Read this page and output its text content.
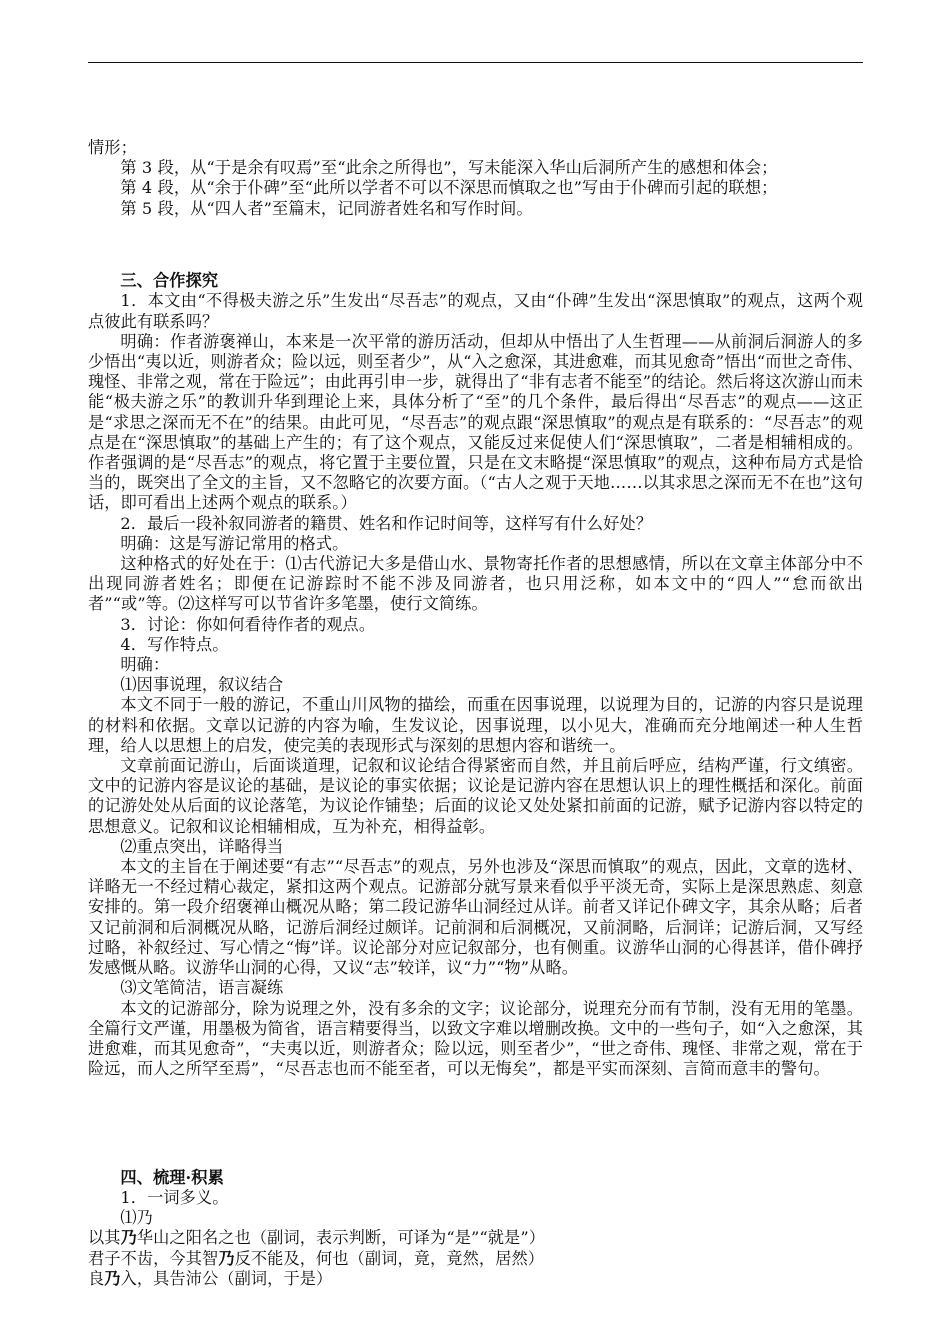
情形；

第 3 段，从“于是余有叹焉”至“此余之所得也”，写未能深入华山后洞所产生的感想和体会；

第 4 段，从“余于仆碑”至“此所以学者不可以不深思而慎取之也”写由于仆碑而引起的联想；

第 5 段，从“四人者”至篇末，记同游者姓名和写作时间。

三、合作探究

1．本文由“不得极夫游之乐”生发出“尽吾志”的观点，又由“仆碑”生发出“深思慎取”的观点，这两个观点彼此有联系吗？

明确：作者游褒禅山，本来是一次平常的游历活动，但却从中悟出了人生哲理——从前洞后洞游人的多少悟出“夷以近，则游者众；险以远，则至者少”，从“入之愈深，其进愈难，而其见愈奇”悟出“而世之奇伟、瑰怪、非常之观，常在于险远”；由此再引申一步，就得出了“非有志者不能至”的结论。然后将这次游山而未能“极夫游之乐”的教训升华到理论上来，具体分析了“至”的几个条件，最后得出“尽吾志”的观点——这正是“求思之深而无不在”的结果。由此可见，“尽吾志”的观点跟“深思慎取”的观点是有联系的：“尽吾志”的观点是在“深思慎取”的基础上产生的；有了这个观点，又能反过来促使人们“深思慎取”，二者是相辅相成的。作者强调的是“尽吾志”的观点，将它置于主要位置，只是在文末略提“深思慎取”的观点，这种布局方式是恰当的，既突出了全文的主旨，又不忽略它的次要方面。（“古人之观于天地……以其求思之深而无不在也”这句话，即可看出上述两个观点的联系。）

2．最后一段补叙同游者的籍贯、姓名和作记时间等，这样写有什么好处？

明确：这是写游记常用的格式。

这种格式的好处在于：⑴古代游记大多是借山水、景物寄托作者的思想感情，所以在文章主体部分中不出现同游者姓名；即便在记游踪时不能不涉及同游者，也只用泛称，如本文中的“四人”“怠而欲出者”“或”等。⑵这样写可以节省许多笔墨，使行文简练。

3．讨论：你如何看待作者的观点。

4．写作特点。

明确：

⑴因事说理，叙议结合

本文不同于一般的游记，不重山川风物的描绘，而重在因事说理，以说理为目的，记游的内容只是说理的材料和依据。文章以记游的内容为喻，生发议论，因事说理，以小见大，准确而充分地阐述一种人生哲理，给人以思想上的启发，使完美的表现形式与深刻的思想内容和谐统一。

文章前面记游山，后面谈道理，记叙和议论结合得紧密而自然，并且前后呼应，结构严谨，行文缜密。文中的记游内容是议论的基础，是议论的事实依据；议论是记游内容在思想认识上的理性概括和深化。前面的记游处处从后面的议论落笔，为议论作铺垫；后面的议论又处处紧扣前面的记游，赋予记游内容以特定的思想意义。记叙和议论相辅相成，互为补充，相得益彰。

⑵重点突出，详略得当

本文的主旨在于阐述要“有志”“尽吾志”的观点，另外也涉及“深思而慎取”的观点，因此，文章的选材、详略无一不经过精心裁定，紧扣这两个观点。记游部分就写景来看似乎平淡无奇，实际上是深思熟虑、刻意安排的。第一段介绍褒禅山概况从略；第二段记游华山洞经过从详。前者又详记仆碑文字，其余从略；后者又记前洞和后洞概况从略，记游后洞经过颇详。记前洞和后洞概况，又前洞略，后洞详；记游后洞，又写经过略，补叙经过、写心情之“悔”详。议论部分对应记叙部分，也有侧重。议游华山洞的心得甚详，借仆碑抒发感慨从略。议游华山洞的心得，又议“志”较详，议“力”“物”从略。

⑶文笔简洁，语言凝练

本文的记游部分，除为说理之外，没有多余的文字；议论部分，说理充分而有节制，没有无用的笔墨。全篇行文严谨，用墨极为简省，语言精要得当，以致文字难以增删改换。文中的一些句子，如“入之愈深，其进愈难，而其见愈奇”，“夫夷以近，则游者众；险以远，则至者少”，“世之奇伟、瑰怪、非常之观，常在于险远，而人之所罕至焉”，“尽吾志也而不能至者，可以无悔矣”，都是平实而深刻、言简而意丰的警句。

四、梳理·积累

1．一词多义。

⑴乃

以其乃华山之阳名之也（副词，表示判断，可译为“是”“就是”）

君子不齿，今其智乃反不能及，何也（副词，竟，竟然，居然）

良乃入，具告沛公（副词，于是）
